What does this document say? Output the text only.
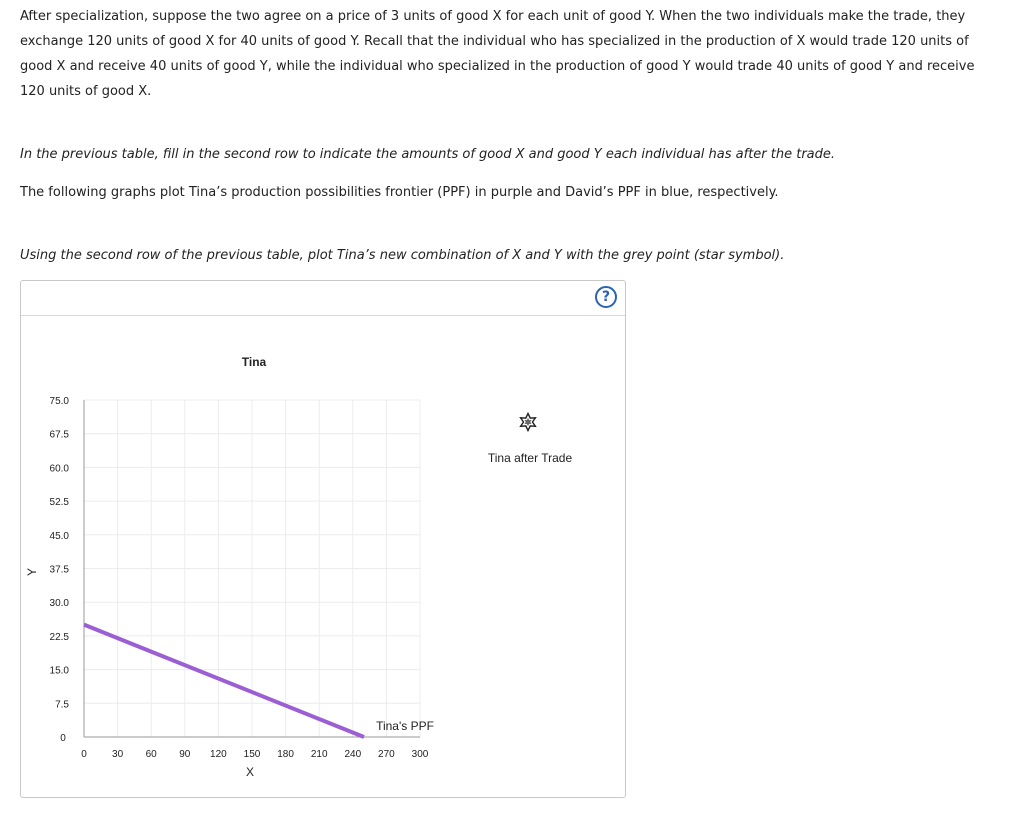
After specialization, suppose the two agree on a price of 3 units of good X for each unit of good Y. When the two individuals make the trade, they exchange 120 units of good X for 40 units of good Y. Recall that the individual who has specialized in the production of X would trade 120 units of good X and receive 40 units of good Y, while the individual who specialized in the production of good Y would trade 40 units of good Y and receive 120 units of good X.

In the previous table, fill in the second row to indicate the amounts of good X and good Y each individual has after the trade.

The following graphs plot Tina’s production possibilities frontier (PPF) in purple and David’s PPF in blue, respectively.

Using the second row of the previous table, plot Tina’s new combination of X and Y with the grey point (star symbol).

?
Tina
0	30 60 90 120 150 180 210 240 270 300
0
7.5
15.0
22.5
30.0
37.5
45.0
52.5
60.0
67.5
75.0
X
Y
Tina's PPF
Tina after Trade
